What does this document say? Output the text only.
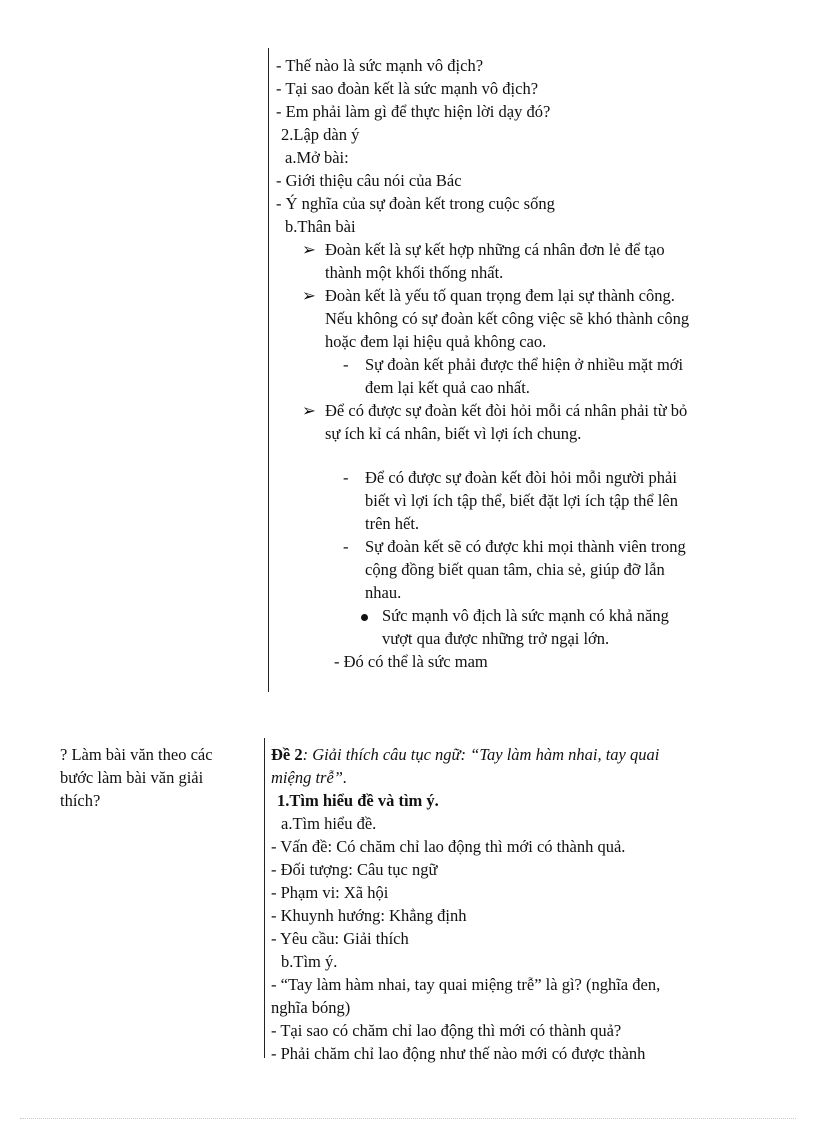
- Thế nào là sức mạnh vô địch?
- Tại sao đoàn kết là sức mạnh vô địch?
- Em phải làm gì để thực hiện lời dạy đó?
2.Lập dàn ý
a.Mở bài:
- Giới thiệu câu nói của Bác
- Ý nghĩa của sự đoàn kết trong cuộc sống
b.Thân bài
➢ Đoàn kết là sự kết hợp những cá nhân đơn lẻ để tạo
thành một khối thống nhất.
➢ Đoàn kết là yếu tố quan trọng đem lại sự thành công.
Nếu không có sự đoàn kết công việc sẽ khó thành công
hoặc đem lại hiệu quả không cao.
- Sự đoàn kết phải được thể hiện ở nhiều mặt mới
đem lại kết quả cao nhất.
➢ Để có được sự đoàn kết đòi hỏi mỗi cá nhân phải từ bỏ
sự ích kỉ cá nhân, biết vì lợi ích chung.
- Để có được sự đoàn kết đòi hỏi mỗi người phải
biết vì lợi ích tập thể, biết đặt lợi ích tập thể lên
trên hết.
- Sự đoàn kết sẽ có được khi mọi thành viên trong
cộng đồng biết quan tâm, chia sẻ, giúp đỡ lẫn
nhau.
Sức mạnh vô địch là sức mạnh có khả năng
vượt qua được những trở ngại lớn.
- Đó có thể là sức mam
? Làm bài văn theo các
bước làm bài văn giải
thích?
Đề 2: Giải thích câu tục ngữ: “Tay làm hàm nhai, tay quai
miệng trễ”.
1.Tìm hiểu đề và tìm ý.
a.Tìm hiểu đề.
- Vấn đề: Có chăm chỉ lao động thì mới có thành quả.
- Đối tượng: Câu tục ngữ
- Phạm vi: Xã hội
- Khuynh hướng: Khẳng định
- Yêu cầu: Giải thích
b.Tìm ý.
- “Tay làm hàm nhai, tay quai miệng trễ” là gì? (nghĩa đen,
nghĩa bóng)
- Tại sao có chăm chỉ lao động thì mới có thành quả?
- Phải chăm chỉ lao động như thế nào mới có được thành
